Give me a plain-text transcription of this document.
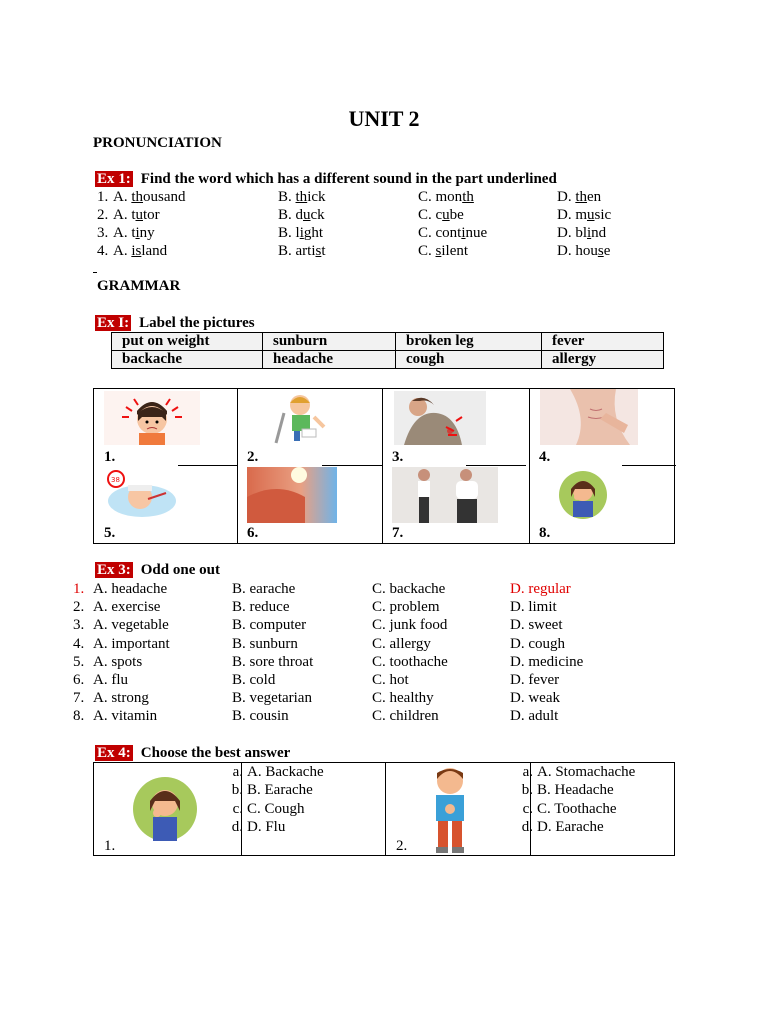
UNIT 2
PRONUNCIATION
Ex 1: Find the word which has a different sound in the part underlined
1. A. thousand	B. thick	C. month	D. then
2. A. tutor	B. duck	C. cube	D. music
3. A. tiny	B. light	C. continue	D. blind
4. A. island	B. artist	C. silent	D. house
GRAMMAR
Ex I: Label the pictures
put on weight	sunburn	broken leg	fever
backache	headache	cough	allergy
1.	2.	3.	4.
5.	6.	7.	8.
38
Ex 3: Odd one out
1. A. headache	B. earache	C. backache	D. regular
2. A. exercise	B. reduce	C. problem	D. limit
3. A. vegetable	B. computer	C. junk food	D. sweet
4. A. important	B. sunburn	C. allergy	D. cough
5. A. spots	B. sore throat	C. toothache	D. medicine
6. A. flu	B. cold	C. hot	D. fever
7. A. strong	B. vegetarian	C. healthy	D. weak
8. A. vitamin	B. cousin	C. children	D. adult
Ex 4: Choose the best answer
1.	2.
a. A. Backache
b. B. Earache
c. C. Cough
d. D. Flu
a. A. Stomachache
b. B. Headache
c. C. Toothache
d. D. Earache
